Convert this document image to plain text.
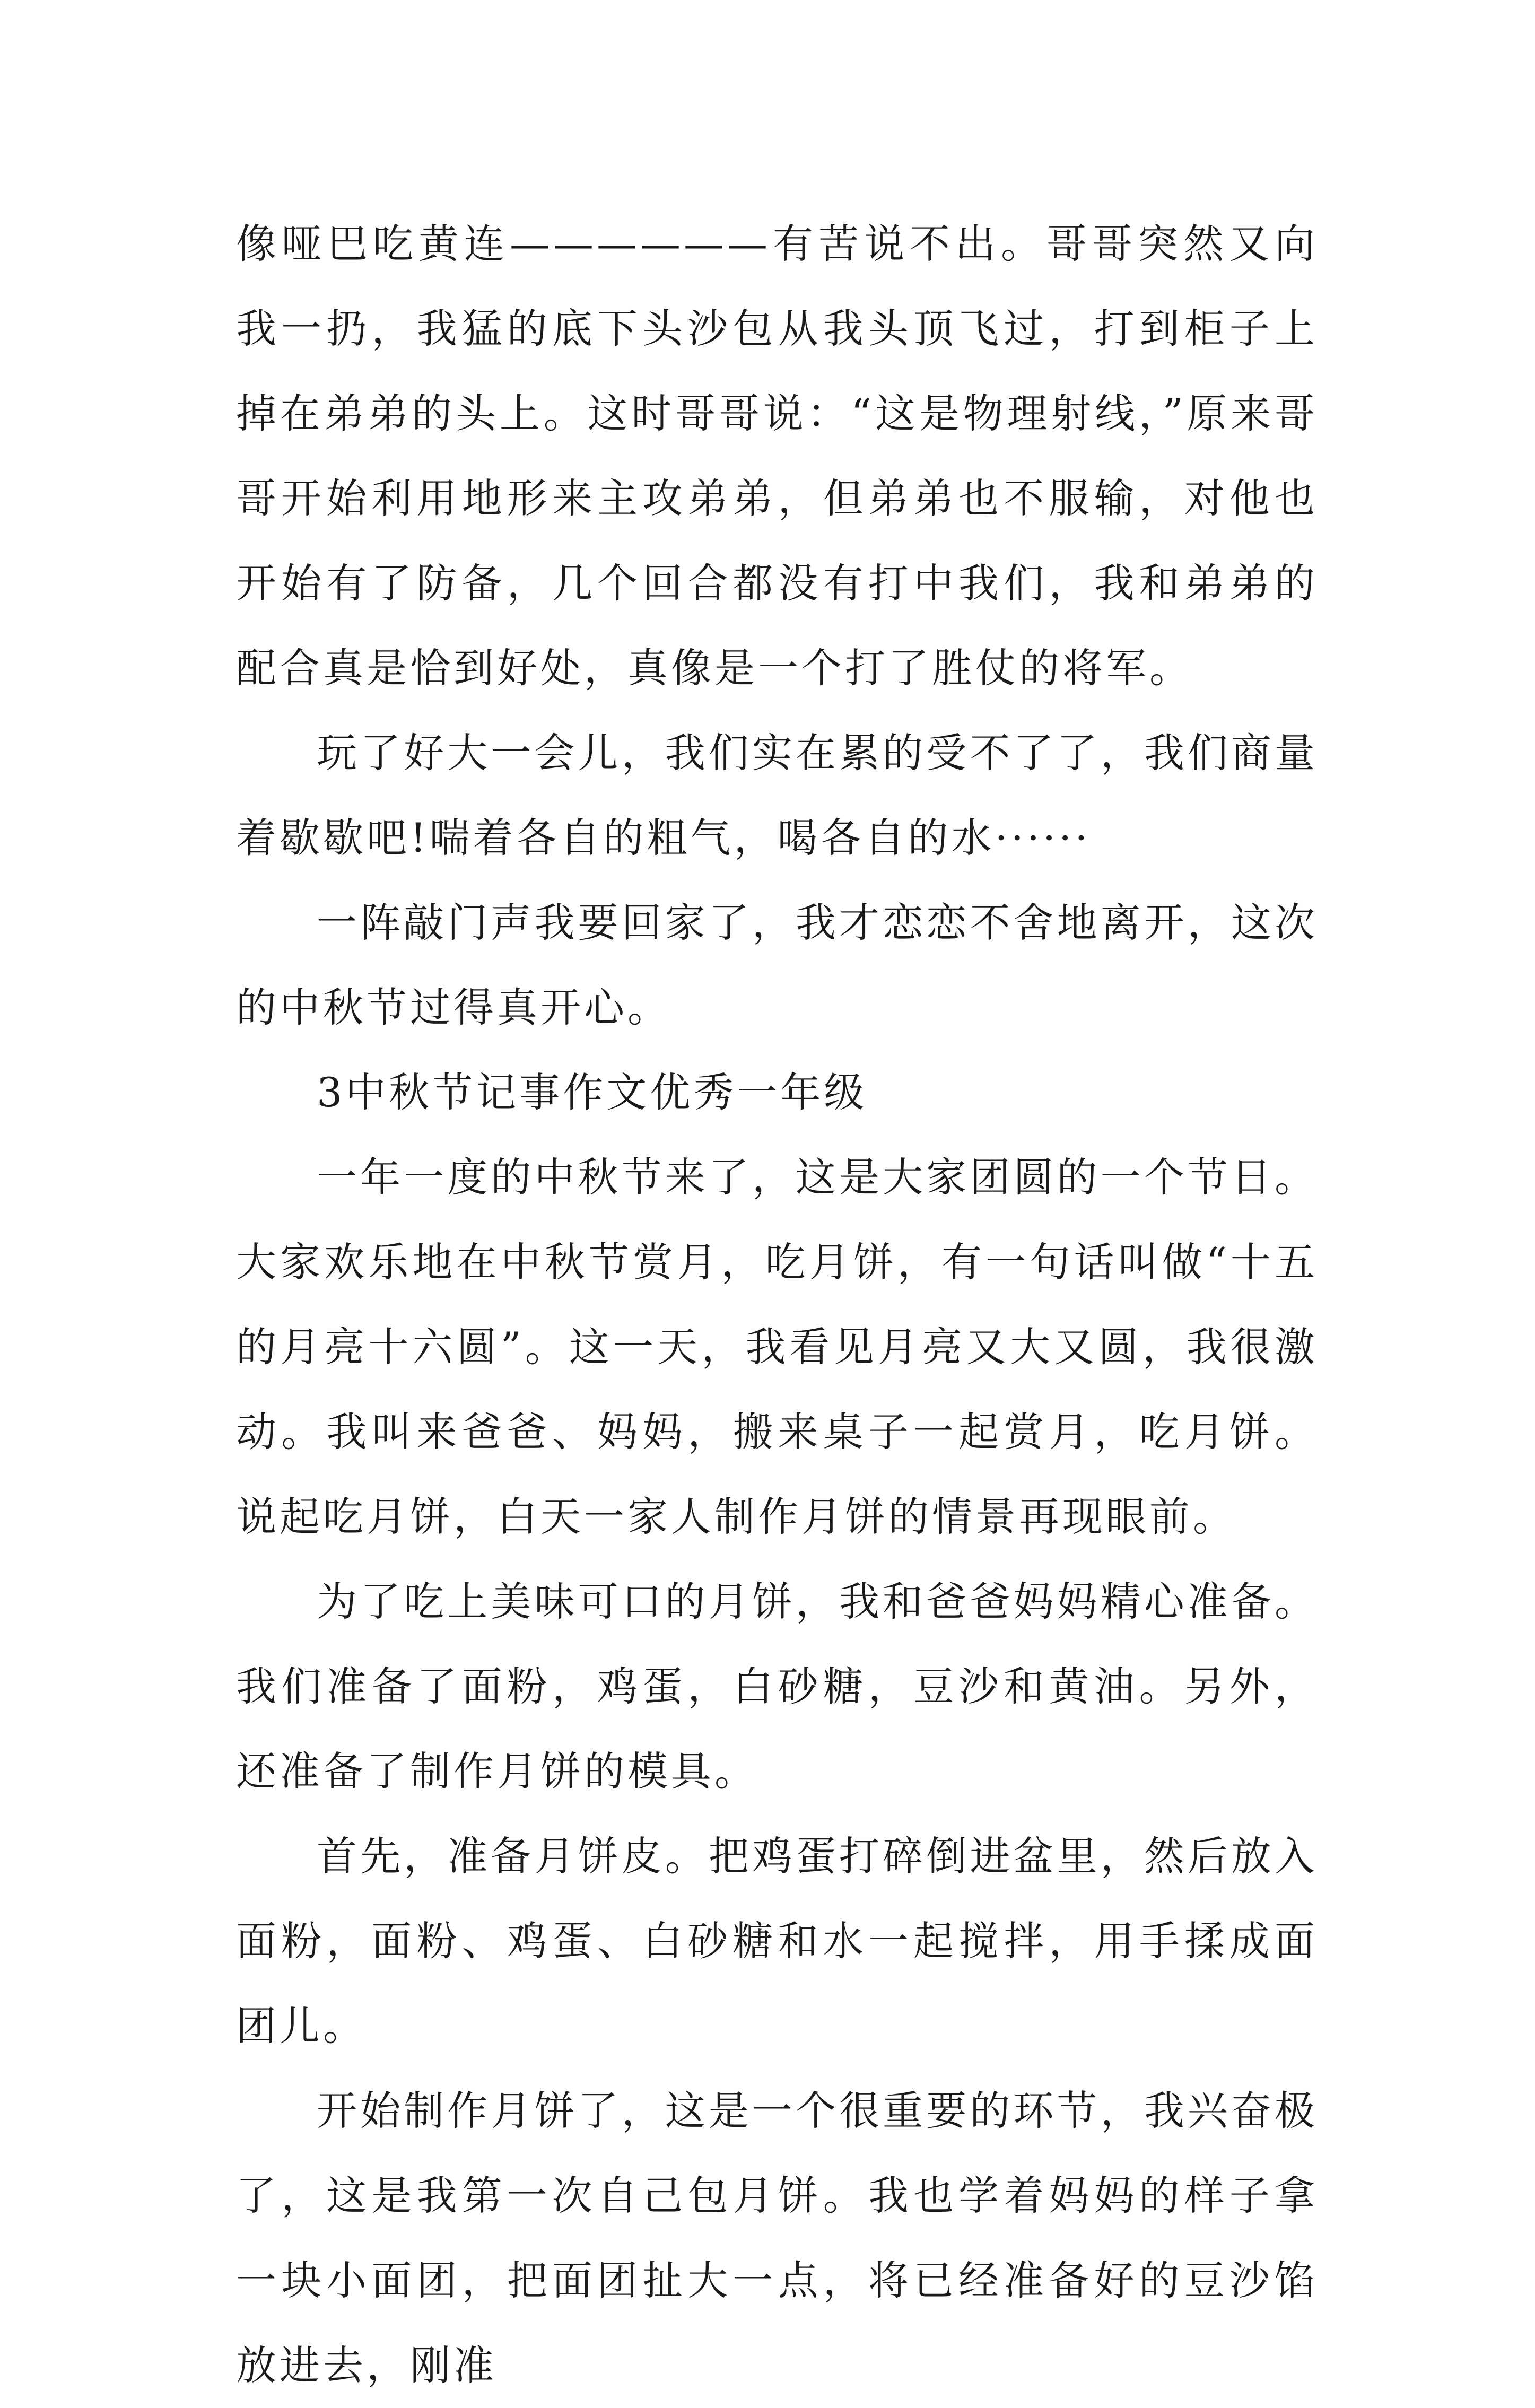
像哑巴吃黄连——————有苦说不出。哥哥突然又向我一扔，我猛的底下头沙包从我头顶飞过，打到柜子上掉在弟弟的头上。这时哥哥说：“这是物理射线，”原来哥哥开始利用地形来主攻弟弟，但弟弟也不服输，对他也开始有了防备，几个回合都没有打中我们，我和弟弟的配合真是恰到好处，真像是一个打了胜仗的将军。

玩了好大一会儿，我们实在累的受不了了，我们商量着歇歇吧!喘着各自的粗气，喝各自的水······

一阵敲门声我要回家了，我才恋恋不舍地离开，这次的中秋节过得真开心。

3中秋节记事作文优秀一年级

一年一度的中秋节来了，这是大家团圆的一个节日。大家欢乐地在中秋节赏月，吃月饼，有一句话叫做“十五的月亮十六圆”。这一天，我看见月亮又大又圆，我很激动。我叫来爸爸、妈妈，搬来桌子一起赏月，吃月饼。说起吃月饼，白天一家人制作月饼的情景再现眼前。

为了吃上美味可口的月饼，我和爸爸妈妈精心准备。我们准备了面粉，鸡蛋，白砂糖，豆沙和黄油。另外，还准备了制作月饼的模具。

首先，准备月饼皮。把鸡蛋打碎倒进盆里，然后放入面粉，面粉、鸡蛋、白砂糖和水一起搅拌，用手揉成面团儿。

开始制作月饼了，这是一个很重要的环节，我兴奋极了，这是我第一次自己包月饼。我也学着妈妈的样子拿一块小面团，把面团扯大一点，将已经准备好的豆沙馅放进去，刚准
